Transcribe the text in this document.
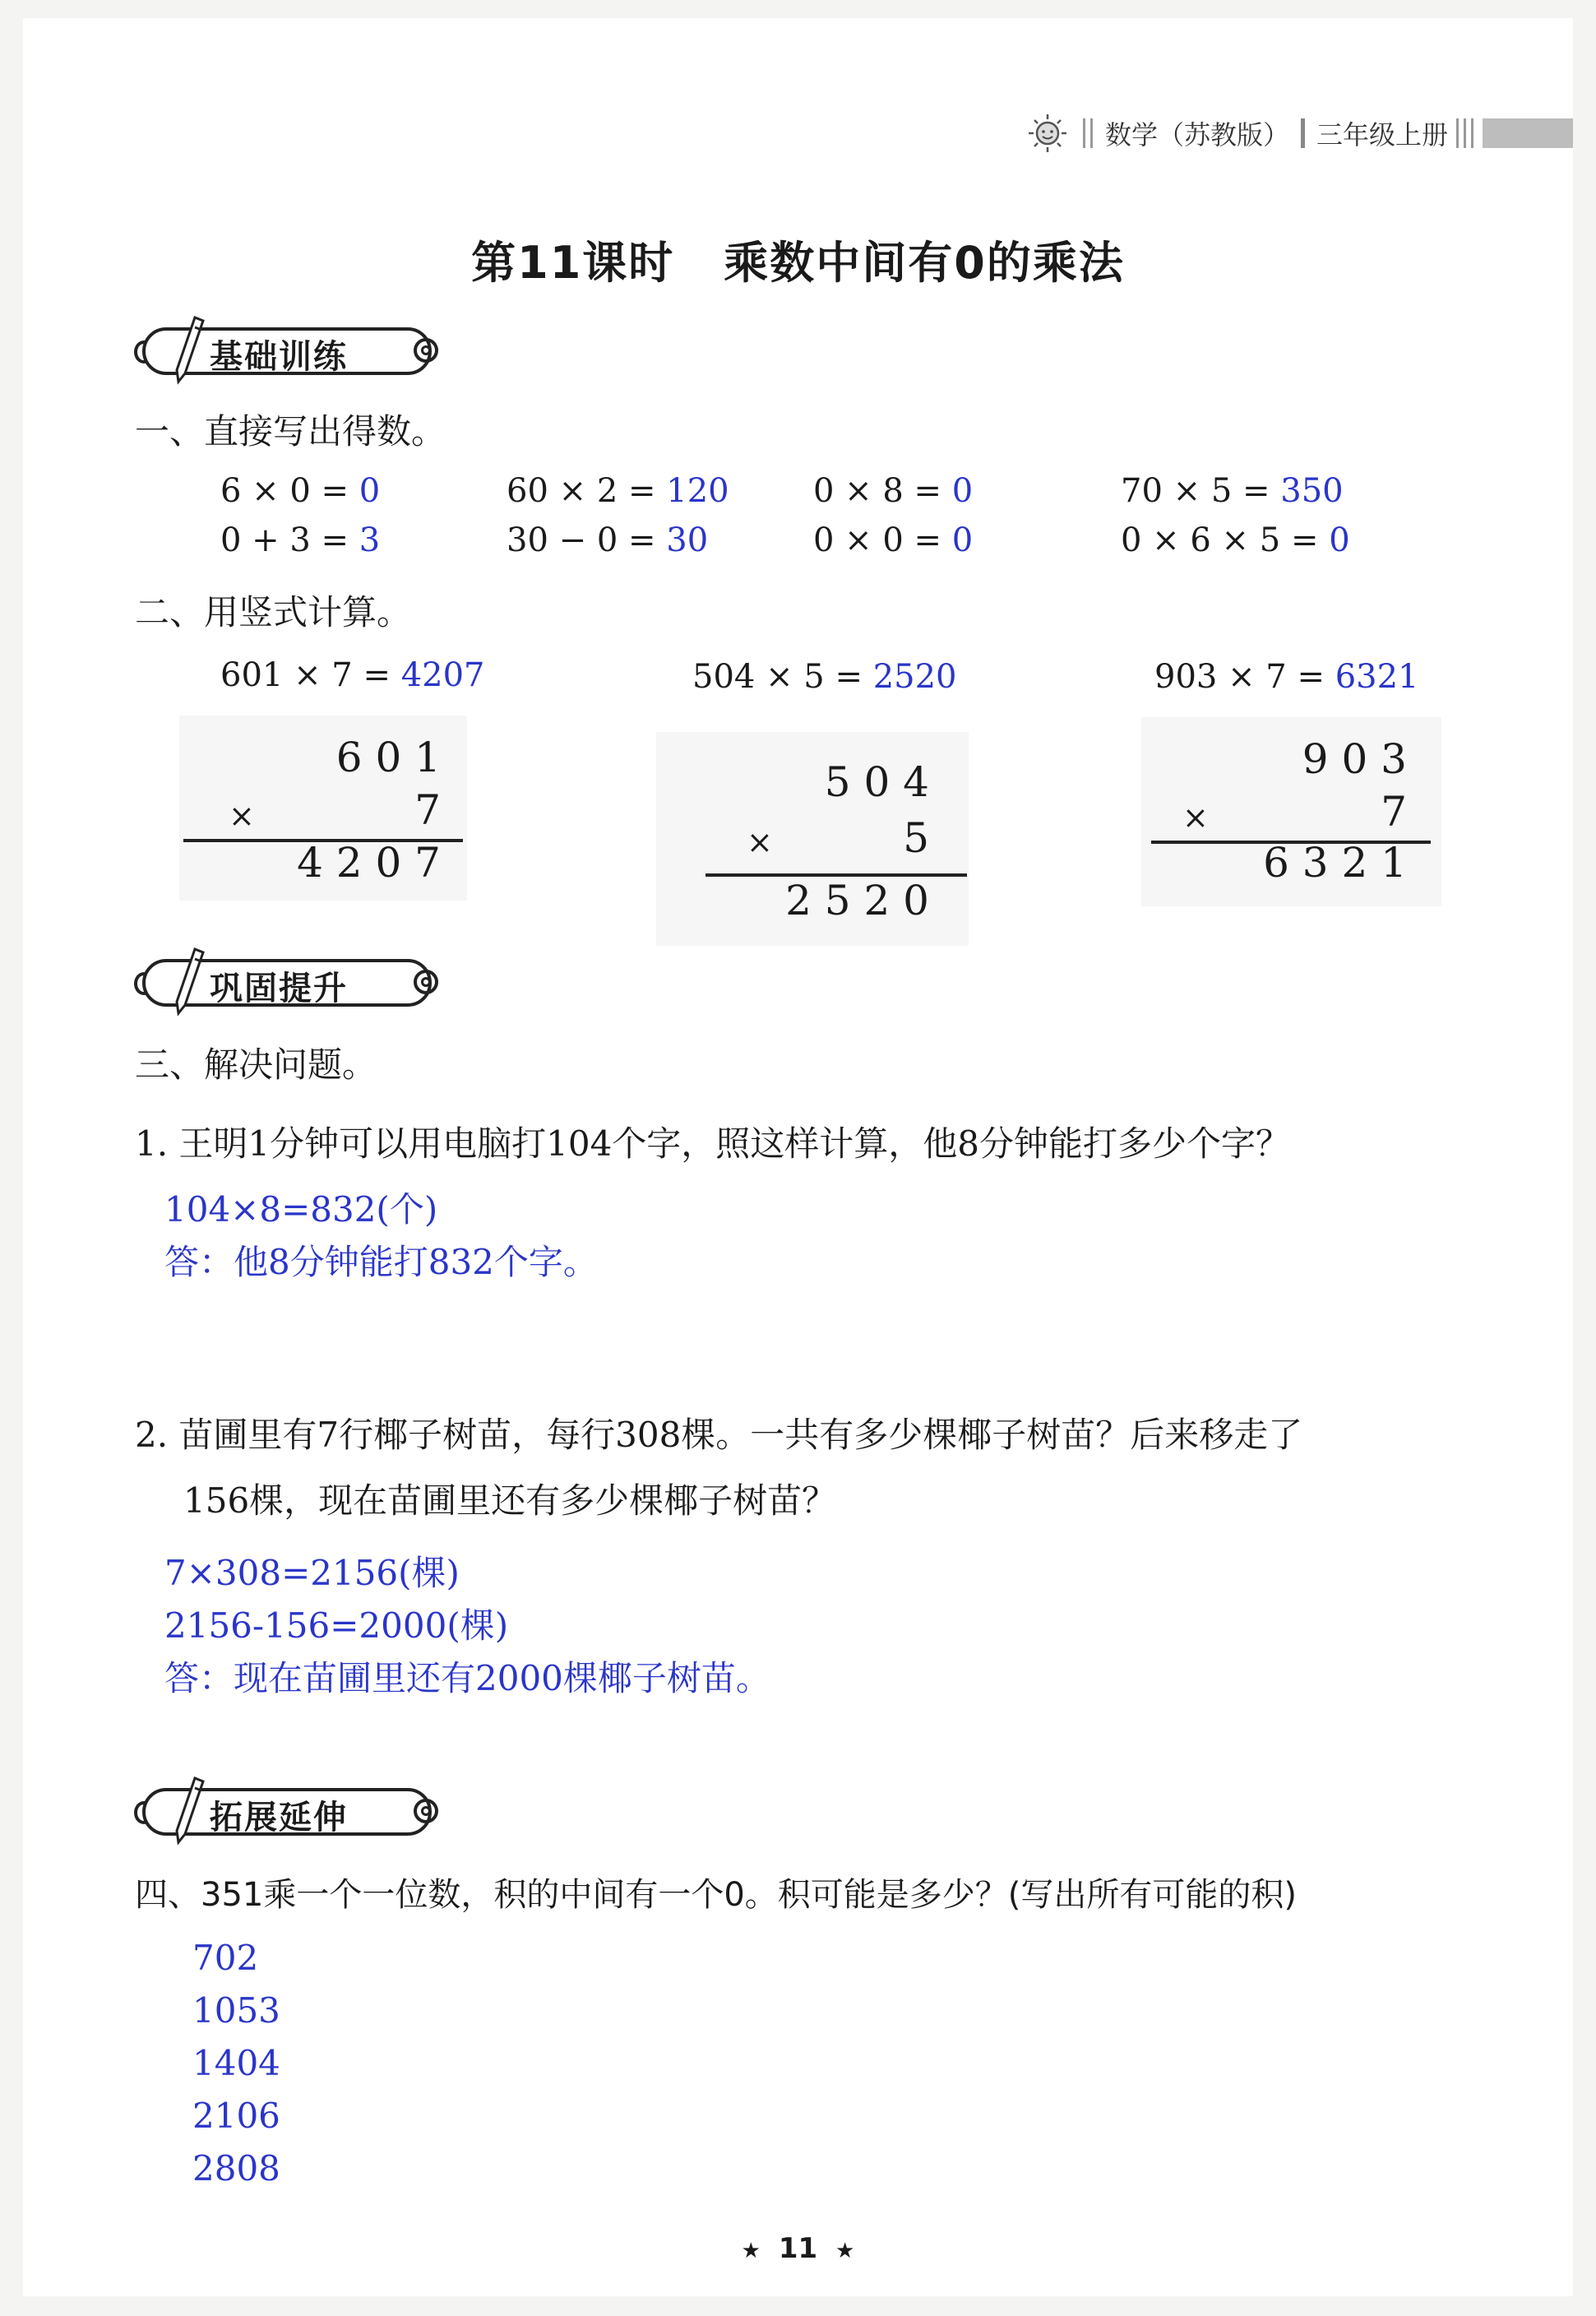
数学（苏教版） 三年级上册
第11课时 乘数中间有0的乘法
基础训练
一、直接写出得数。
6 × 0 = 0	60 × 2 = 120	0 × 8 = 0	70 × 5 = 350
0 + 3 = 3	30 − 0 = 30	0 × 0 = 0	0 × 6 × 5 = 0
二、用竖式计算。
601 × 7 = 4207	504 × 5 = 2520	903 × 7 = 6321
6 0 1
×	7
4 2 0 7
5 0 4
×	5
2 5 2 0
9 0 3
×	7
6 3 2 1
巩固提升
三、解决问题。
1. 王明1分钟可以用电脑打104个字，照这样计算，他8分钟能打多少个字？
104×8=832(个)
答：他8分钟能打832个字。
2. 苗圃里有7行椰子树苗，每行308棵。一共有多少棵椰子树苗？后来移走了
156棵，现在苗圃里还有多少棵椰子树苗？
7×308=2156(棵)
2156-156=2000(棵)
答：现在苗圃里还有2000棵椰子树苗。
拓展延伸
四、351乘一个一位数，积的中间有一个0。积可能是多少？(写出所有可能的积)
702
1053
1404
2106
2808
★ 11 ★
